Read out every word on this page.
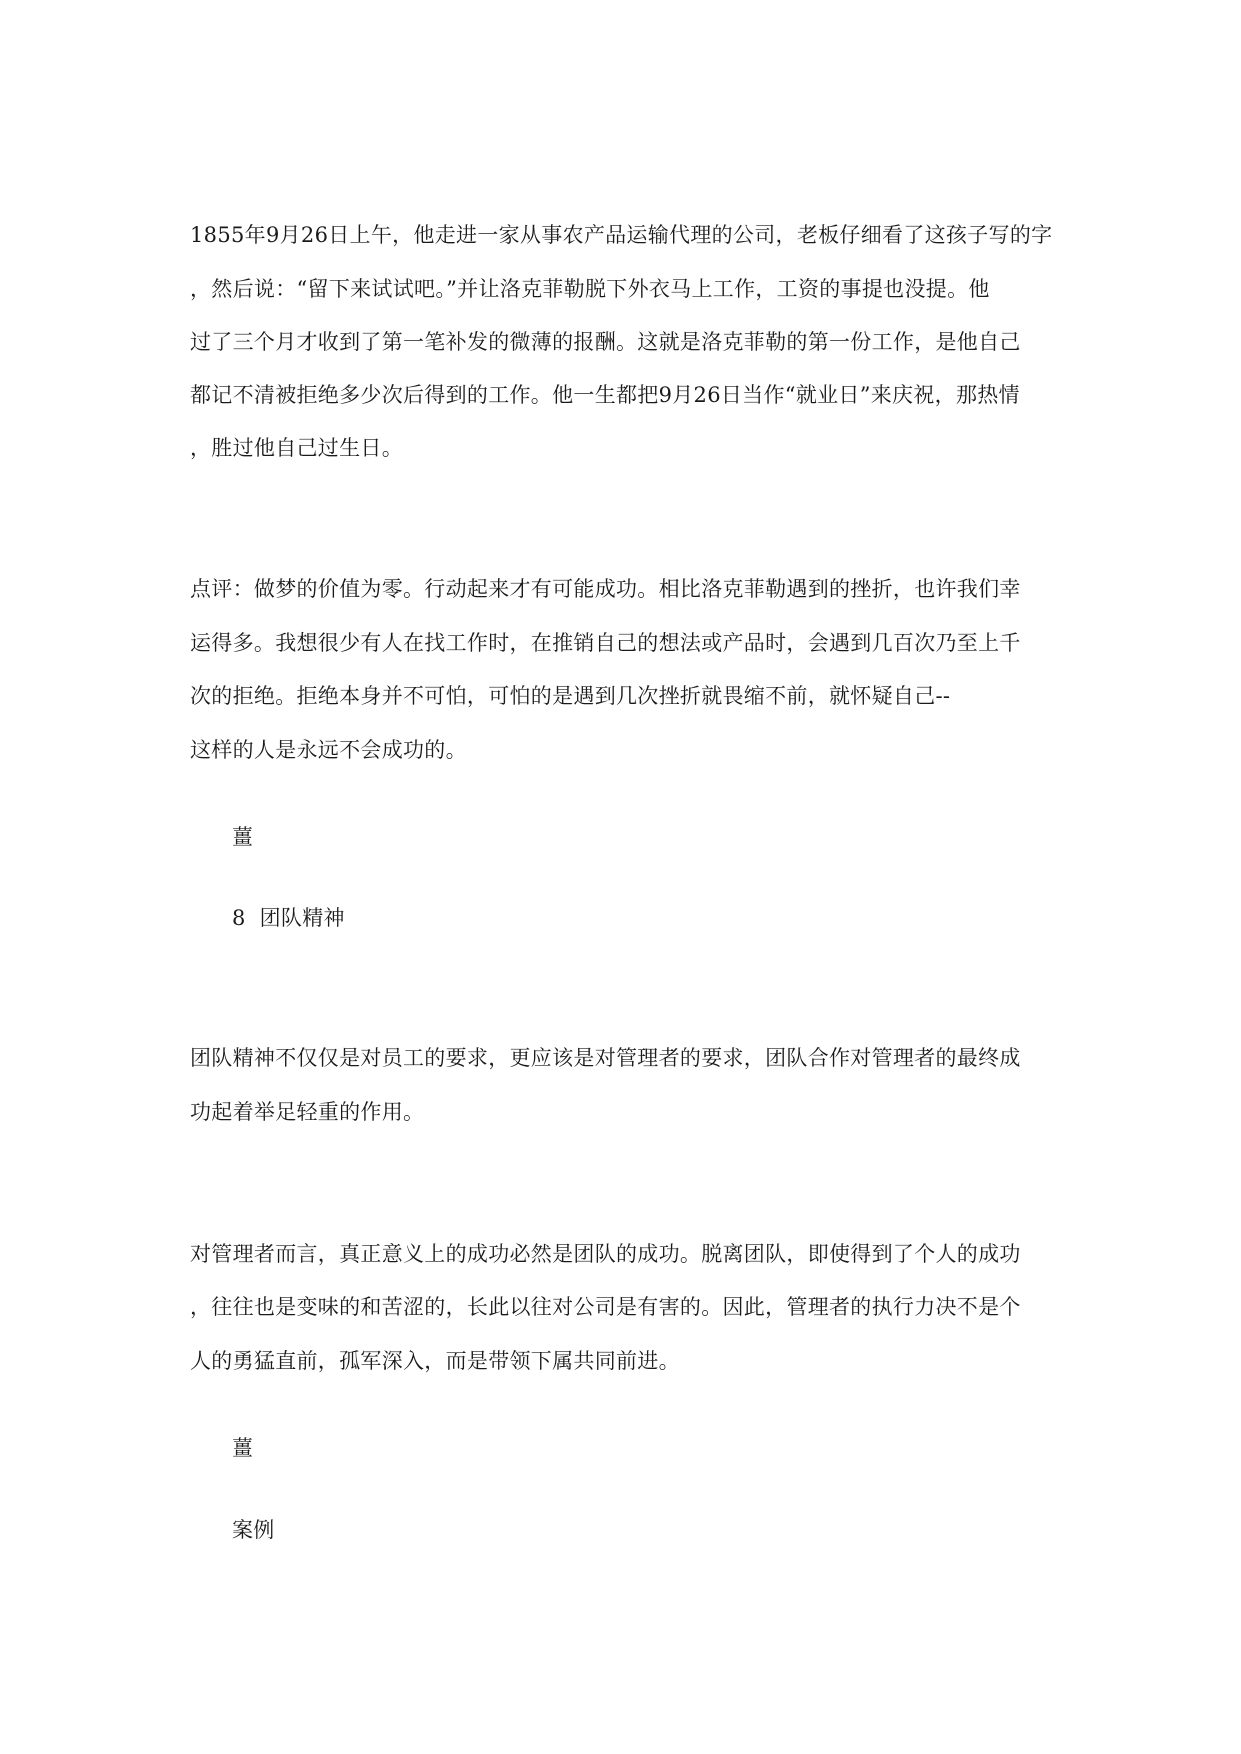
1855年9月26日上午，他走进一家从事农产品运输代理的公司，老板仔细看了这孩子写的字
，然后说：“留下来试试吧。”并让洛克菲勒脱下外衣马上工作，工资的事提也没提。他
过了三个月才收到了第一笔补发的微薄的报酬。这就是洛克菲勒的第一份工作，是他自己
都记不清被拒绝多少次后得到的工作。他一生都把9月26日当作“就业日”来庆祝，那热情
，胜过他自己过生日。
点评：做梦的价值为零。行动起来才有可能成功。相比洛克菲勒遇到的挫折，也许我们幸
运得多。我想很少有人在找工作时，在推销自己的想法或产品时，会遇到几百次乃至上千
次的拒绝。拒绝本身并不可怕，可怕的是遇到几次挫折就畏缩不前，就怀疑自己--
这样的人是永远不会成功的。
薑
8  团队精神
团队精神不仅仅是对员工的要求，更应该是对管理者的要求，团队合作对管理者的最终成
功起着举足轻重的作用。
对管理者而言，真正意义上的成功必然是团队的成功。脱离团队，即使得到了个人的成功
，往往也是变味的和苦涩的，长此以往对公司是有害的。因此，管理者的执行力决不是个
人的勇猛直前，孤军深入，而是带领下属共同前进。
薑
案例
